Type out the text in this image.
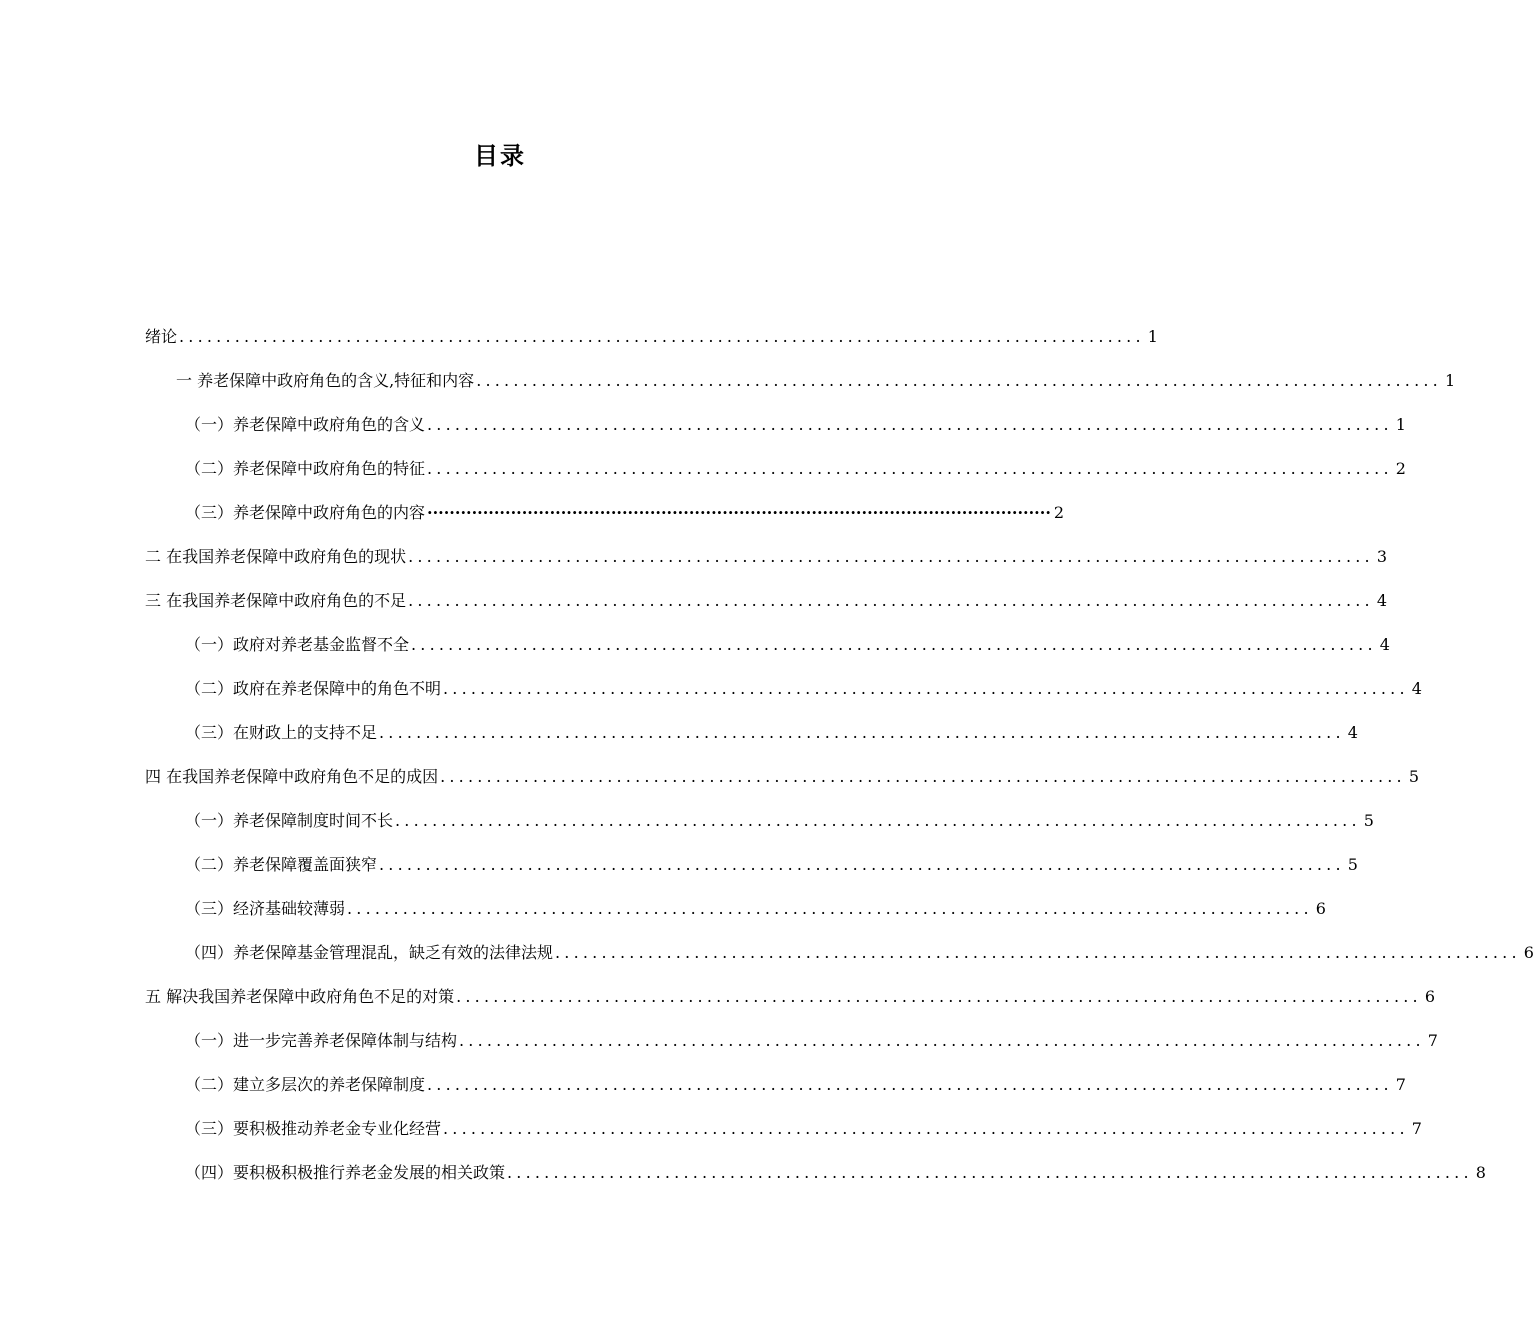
目录
绪论 ........................................................................................................ 1
一 养老保障中政府角色的含义,特征和内容 ........................................................................................................ 1
（一）养老保障中政府角色的含义 ........................................................................................................ 1
（二）养老保障中政府角色的特征 ........................................................................................................ 2
（三）养老保障中政府角色的内容 ················································································································ 2
二 在我国养老保障中政府角色的现状 ........................................................................................................ 3
三 在我国养老保障中政府角色的不足 ........................................................................................................ 4
（一）政府对养老基金监督不全 ........................................................................................................ 4
（二）政府在养老保障中的角色不明 ........................................................................................................ 4
（三）在财政上的支持不足 ........................................................................................................ 4
四 在我国养老保障中政府角色不足的成因 ........................................................................................................ 5
（一）养老保障制度时间不长 ........................................................................................................ 5
（二）养老保障覆盖面狭窄 ........................................................................................................ 5
（三）经济基础较薄弱 ........................................................................................................ 6
（四）养老保障基金管理混乱，缺乏有效的法律法规 ........................................................................................................ 6
五 解决我国养老保障中政府角色不足的对策 ........................................................................................................ 6
（一）进一步完善养老保障体制与结构 ........................................................................................................ 7
（二）建立多层次的养老保障制度 ........................................................................................................ 7
（三）要积极推动养老金专业化经营 ........................................................................................................ 7
（四）要积极积极推行养老金发展的相关政策 ........................................................................................................ 8
